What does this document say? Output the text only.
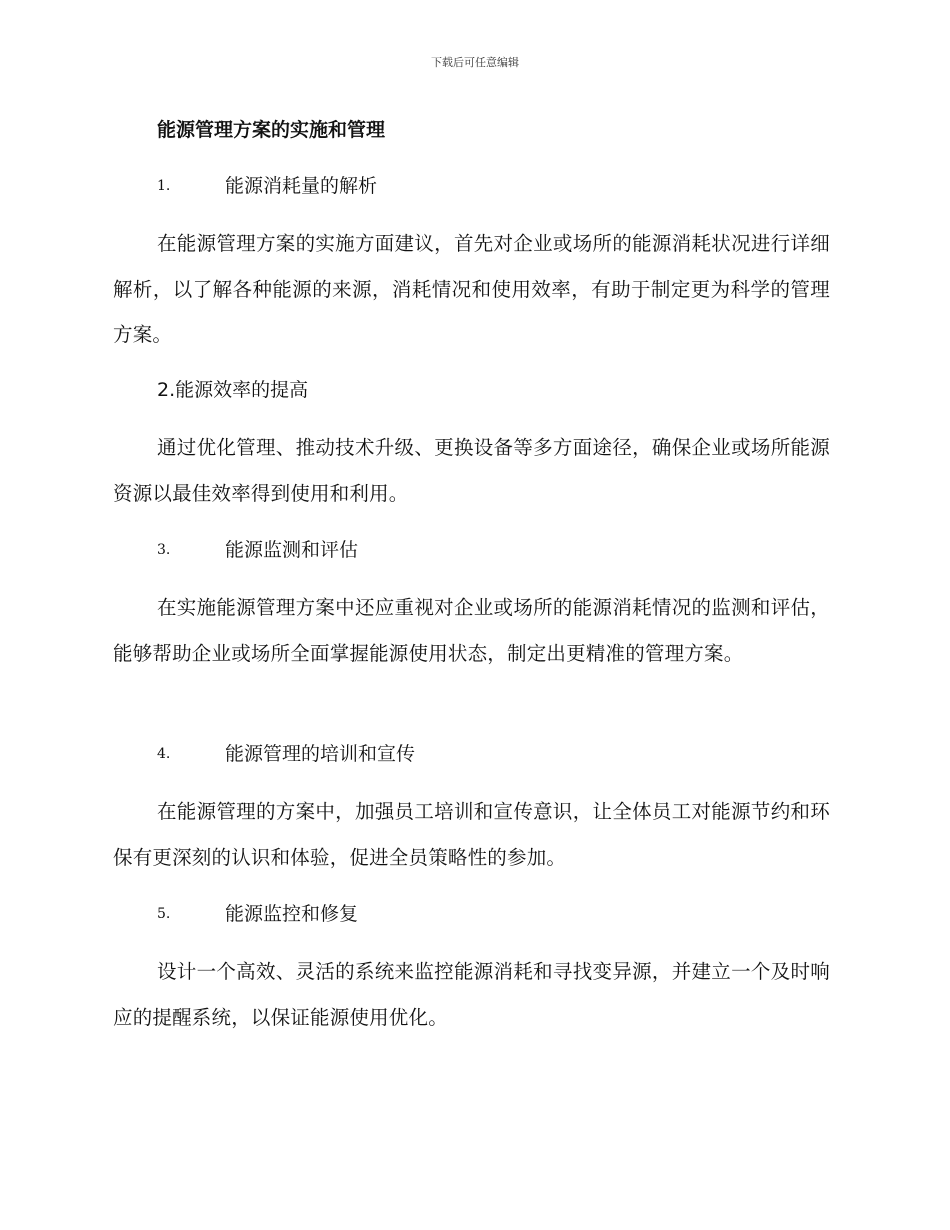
下载后可任意编辑
能源管理方案的实施和管理
1.	能源消耗量的解析
在能源管理方案的实施方面建议，首先对企业或场所的能源消耗状况进行详细解析，以了解各种能源的来源，消耗情况和使用效率，有助于制定更为科学的管理方案。
2.能源效率的提高
通过优化管理、推动技术升级、更换设备等多方面途径，确保企业或场所能源资源以最佳效率得到使用和利用。
3.	能源监测和评估
在实施能源管理方案中还应重视对企业或场所的能源消耗情况的监测和评估，能够帮助企业或场所全面掌握能源使用状态，制定出更精准的管理方案。
4.	能源管理的培训和宣传
在能源管理的方案中，加强员工培训和宣传意识，让全体员工对能源节约和环保有更深刻的认识和体验，促进全员策略性的参加。
5.	能源监控和修复
设计一个高效、灵活的系统来监控能源消耗和寻找变异源，并建立一个及时响应的提醒系统，以保证能源使用优化。
